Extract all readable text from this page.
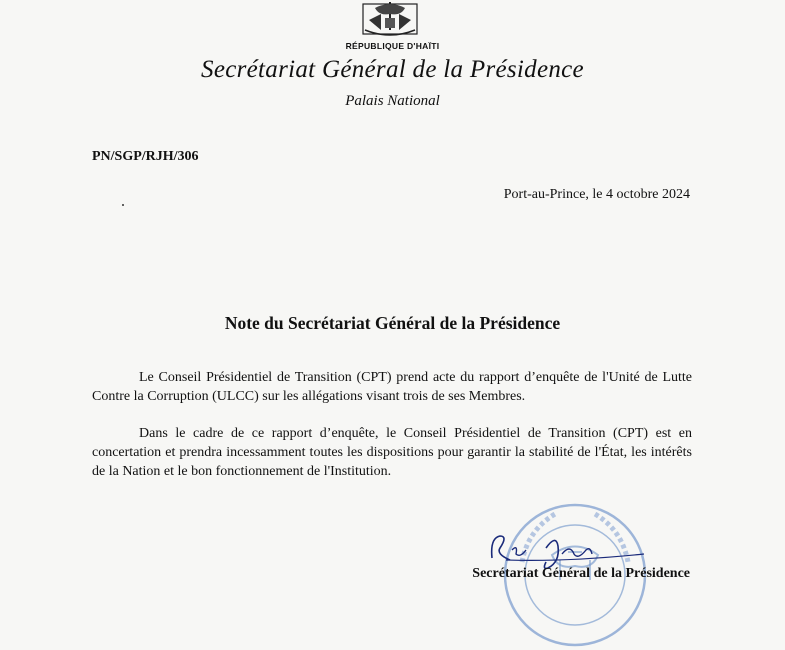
RÉPUBLIQUE D'HAÏTI
Secrétariat Général de la Présidence
Palais National
PN/SGP/RJH/306
Port-au-Prince, le 4 octobre 2024
Note du Secrétariat Général de la Présidence
Le Conseil Présidentiel de Transition (CPT) prend acte du rapport d’enquête de l'Unité de Lutte Contre la Corruption (ULCC) sur les allégations visant trois de ses Membres.
Dans le cadre de ce rapport d’enquête, le Conseil Présidentiel de Transition (CPT) est en concertation et prendra incessamment toutes les dispositions pour garantir la stabilité de l'État, les intérêts de la Nation et le bon fonctionnement de l'Institution.
Secrétariat Général de la Présidence
